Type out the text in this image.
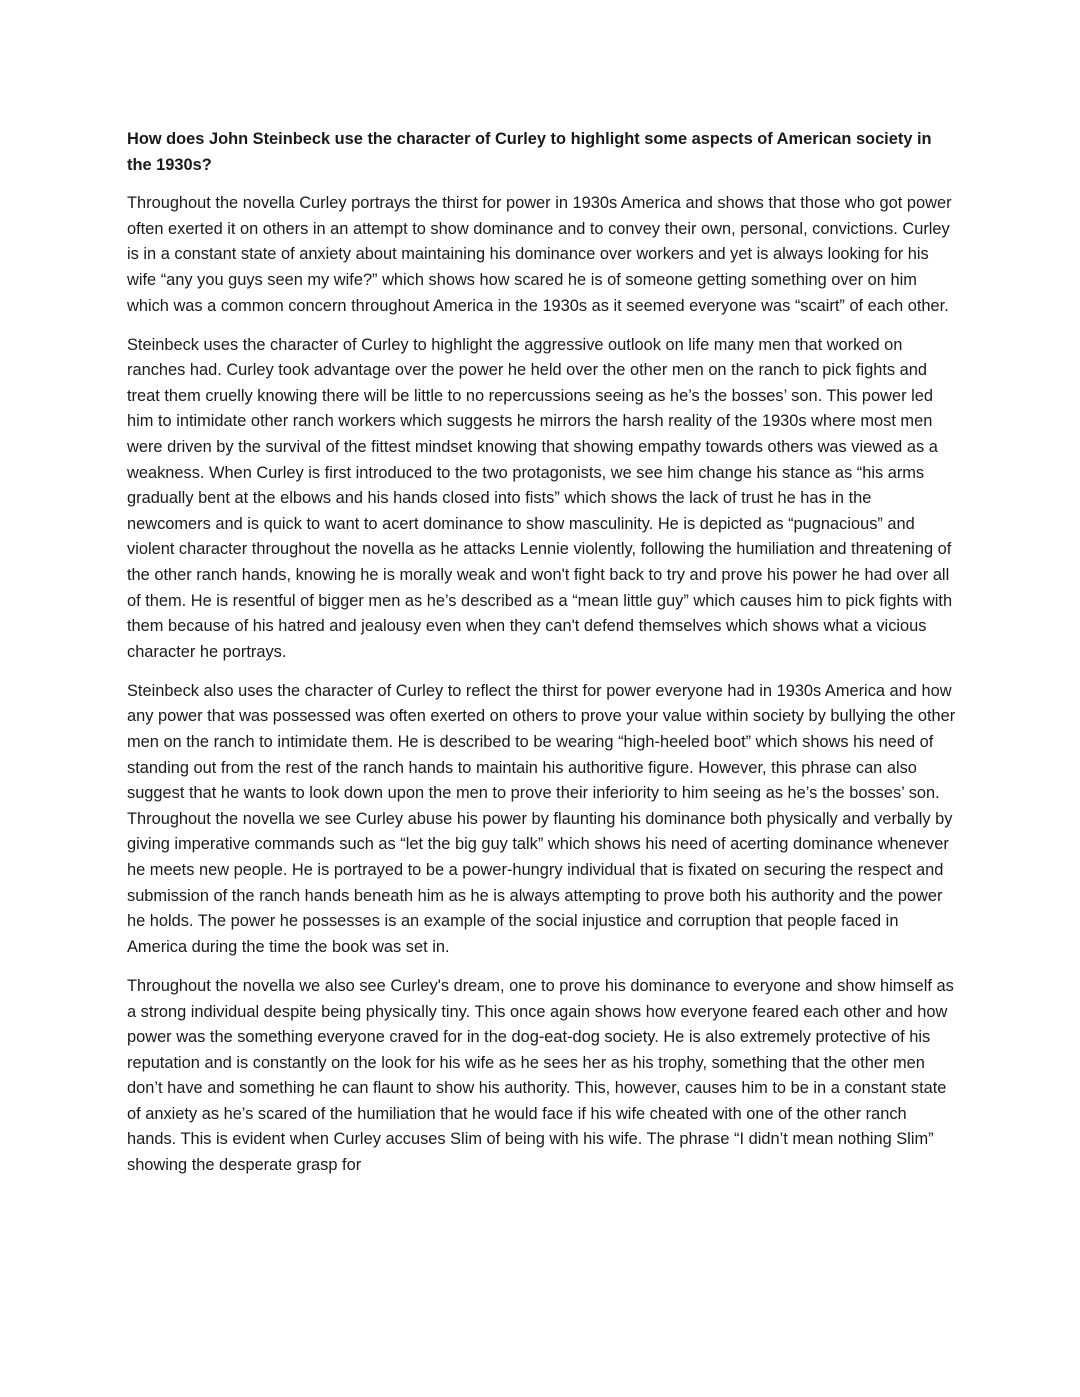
How does John Steinbeck use the character of Curley to highlight some aspects of American society in the 1930s?

Throughout the novella Curley portrays the thirst for power in 1930s America and shows that those who got power often exerted it on others in an attempt to show dominance and to convey their own, personal, convictions. Curley is in a constant state of anxiety about maintaining his dominance over workers and yet is always looking for his wife “any you guys seen my wife?” which shows how scared he is of someone getting something over on him which was a common concern throughout America in the 1930s as it seemed everyone was “scairt” of each other.

Steinbeck uses the character of Curley to highlight the aggressive outlook on life many men that worked on ranches had. Curley took advantage over the power he held over the other men on the ranch to pick fights and treat them cruelly knowing there will be little to no repercussions seeing as he’s the bosses’ son. This power led him to intimidate other ranch workers which suggests he mirrors the harsh reality of the 1930s where most men were driven by the survival of the fittest mindset knowing that showing empathy towards others was viewed as a weakness. When Curley is first introduced to the two protagonists, we see him change his stance as “his arms gradually bent at the elbows and his hands closed into fists” which shows the lack of trust he has in the newcomers and is quick to want to acert dominance to show masculinity. He is depicted as “pugnacious” and violent character throughout the novella as he attacks Lennie violently, following the humiliation and threatening of the other ranch hands, knowing he is morally weak and won't fight back to try and prove his power he had over all of them. He is resentful of bigger men as he’s described as a “mean little guy” which causes him to pick fights with them because of his hatred and jealousy even when they can't defend themselves which shows what a vicious character he portrays.

Steinbeck also uses the character of Curley to reflect the thirst for power everyone had in 1930s America and how any power that was possessed was often exerted on others to prove your value within society by bullying the other men on the ranch to intimidate them. He is described to be wearing “high-heeled boot” which shows his need of standing out from the rest of the ranch hands to maintain his authoritive figure. However, this phrase can also suggest that he wants to look down upon the men to prove their inferiority to him seeing as he’s the bosses’ son. Throughout the novella we see Curley abuse his power by flaunting his dominance both physically and verbally by giving imperative commands such as “let the big guy talk” which shows his need of acerting dominance whenever he meets new people. He is portrayed to be a power-hungry individual that is fixated on securing the respect and submission of the ranch hands beneath him as he is always attempting to prove both his authority and the power he holds. The power he possesses is an example of the social injustice and corruption that people faced in America during the time the book was set in.

Throughout the novella we also see Curley's dream, one to prove his dominance to everyone and show himself as a strong individual despite being physically tiny. This once again shows how everyone feared each other and how power was the something everyone craved for in the dog-eat-dog society. He is also extremely protective of his reputation and is constantly on the look for his wife as he sees her as his trophy, something that the other men don’t have and something he can flaunt to show his authority. This, however, causes him to be in a constant state of anxiety as he’s scared of the humiliation that he would face if his wife cheated with one of the other ranch hands. This is evident when Curley accuses Slim of being with his wife. The phrase “I didn’t mean nothing Slim” showing the desperate grasp for
